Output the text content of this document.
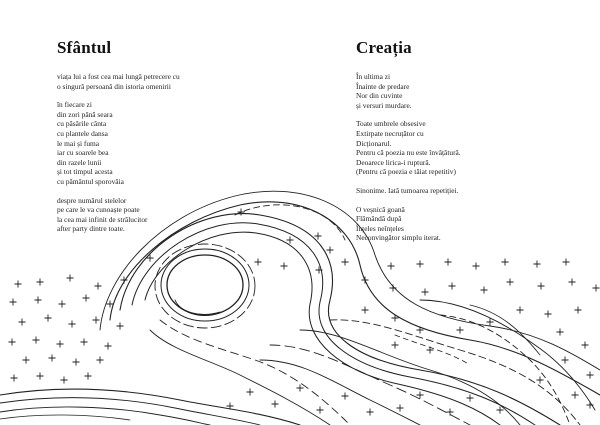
Sfântul
viața lui a fost cea mai lungă petrecere cu
o singură persoană din istoria omenirii
în fiecare zi
din zori până seara
cu păsările cânta
cu plantele dansa
le mai și fuma
iar cu soarele bea
din razele lunii
și tot timpul acesta
cu pământul sporovăia
despre numărul stelelor
pe care le va cunoaște poate
la cea mai infinit de strălucitor
after party dintre toate.
Creația
În ultima zi
Înainte de predare
Nor din cuvinte
și versuri murdare.
Toate umbrele obsesive
Extirpate necruțător cu
Dicționarul.
Pentru că poezia nu este învățătură.
Deoarece lirica-i ruptură.
(Pentru că poezia e tăiat repetitiv)
Sinonime. Iată tumoarea repetiției.
O veșnică goană
Flămândă după
Înțeles neînțeles
Neconvingător simplu iterat.
